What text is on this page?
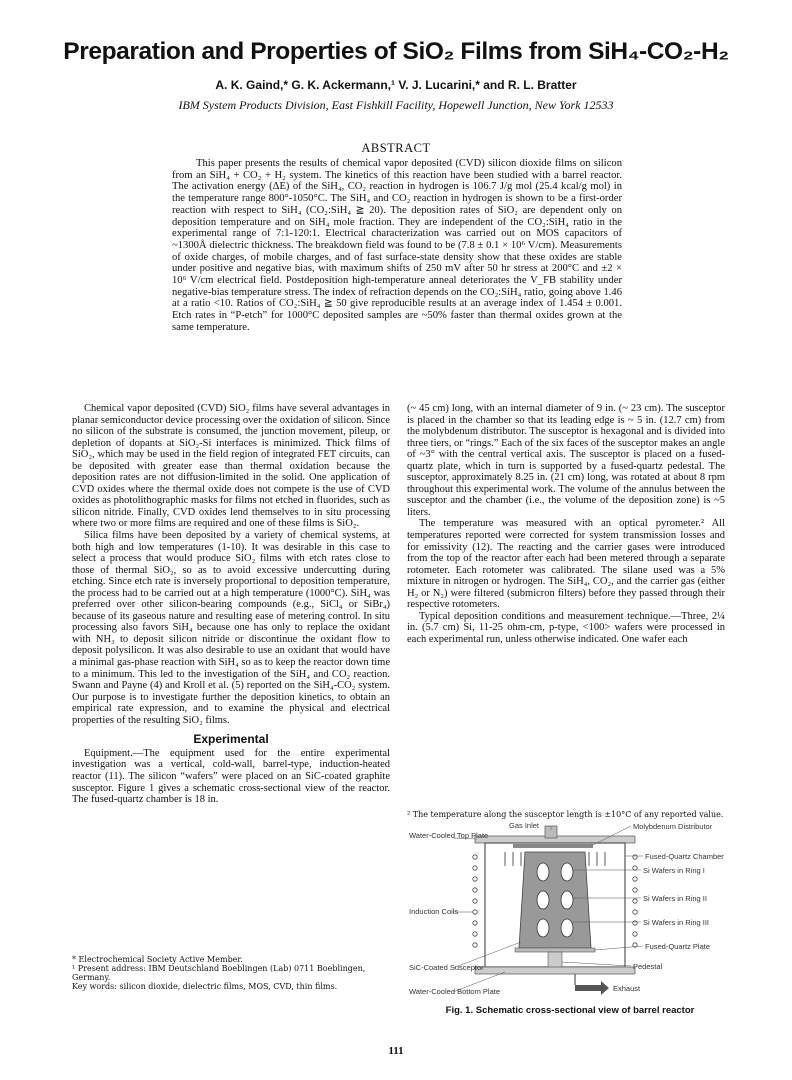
Preparation and Properties of SiO₂ Films from SiH₄-CO₂-H₂
A. K. Gaind,* G. K. Ackermann,¹ V. J. Lucarini,* and R. L. Bratter
IBM System Products Division, East Fishkill Facility, Hopewell Junction, New York 12533
ABSTRACT

This paper presents the results of chemical vapor deposited (CVD) silicon dioxide films on silicon from an SiH₄ + CO₂ + H₂ system. The kinetics of this reaction have been studied with a barrel reactor. The activation energy (ΔE) of the SiH₄, CO₂ reaction in hydrogen is 106.7 J/g mol (25.4 kcal/g mol) in the temperature range 800°-1050°C. The SiH₄ and CO₂ reaction in hydrogen is shown to be a first-order reaction with respect to SiH₄ (CO₂:SiH₄ ≧ 20). The deposition rates of SiO₂ are dependent only on deposition temperature and on SiH₄ mole fraction. They are independent of the CO₂:SiH₄ ratio in the experimental range of 7:1-120:1. Electrical characterization was carried out on MOS capacitors of ~1300Å dielectric thickness. The breakdown field was found to be (7.8 ± 0.1 × 10⁶ V/cm). Measurements of oxide charges, of mobile charges, and of fast surface-state density show that these oxides are stable under positive and negative bias, with maximum shifts of 250 mV after 50 hr stress at 200°C and ±2 × 10⁶ V/cm electrical field. Postdeposition high-temperature anneal deteriorates the V_FB stability under negative-bias temperature stress. The index of refraction depends on the CO₂:SiH₄ ratio, going above 1.46 at a ratio <10. Ratios of CO₂:SiH₄ ≧ 50 give reproducible results at an average index of 1.454 ± 0.001. Etch rates in “P-etch” for 1000°C deposited samples are ~50% faster than thermal oxides grown at the same temperature.

Chemical vapor deposited (CVD) SiO₂ films have several advantages in planar semiconductor device processing over the oxidation of silicon. Since no silicon of the substrate is consumed, the junction movement, pileup, or depletion of dopants at SiO₂-Si interfaces is minimized. Thick films of SiO₂, which may be used in the field region of integrated FET circuits, can be deposited with greater ease than thermal oxidation because the deposition rates are not diffusion-limited in the solid. One application of CVD oxides where the thermal oxide does not compete is the use of CVD oxides as photolithographic masks for films not etched in fluorides, such as silicon nitride. Finally, CVD oxides lend themselves to in situ processing where two or more films are required and one of these films is SiO₂.

Silica films have been deposited by a variety of chemical systems, at both high and low temperatures (1-10). It was desirable in this case to select a process that would produce SiO₂ films with etch rates close to those of thermal SiO₂, so as to avoid excessive undercutting during etching. Since etch rate is inversely proportional to deposition temperature, the process had to be carried out at a high temperature (1000°C). SiH₄ was preferred over other silicon-bearing compounds (e.g., SiCl₄ or SiBr₄) because of its gaseous nature and resulting ease of metering control. In situ processing also favors SiH₄ because one has only to replace the oxidant with NH₃ to deposit silicon nitride or discontinue the oxidant flow to deposit polysilicon. It was also desirable to use an oxidant that would have a minimal gas-phase reaction with SiH₄ so as to keep the reactor down time to a minimum. This led to the investigation of the SiH₄ and CO₂ reaction. Swann and Payne (4) and Kroll et al. (5) reported on the SiH₄-CO₂ system. Our purpose is to investigate further the deposition kinetics, to obtain an empirical rate expression, and to examine the physical and electrical properties of the resulting SiO₂ films.

Experimental

Equipment.—The equipment used for the entire experimental investigation was a vertical, cold-wall, barrel-type, induction-heated reactor (11). The silicon “wafers” were placed on an SiC-coated graphite susceptor. Figure 1 gives a schematic cross-sectional view of the reactor. The fused-quartz chamber is 18 in.

* Electrochemical Society Active Member.

¹ Present address: IBM Deutschland Boeblingen (Lab) 0711 Boeblingen, Germany.

Key words: silicon dioxide, dielectric films, MOS, CVD, thin films.

(~ 45 cm) long, with an internal diameter of 9 in. (~ 23 cm). The susceptor is placed in the chamber so that its leading edge is ~ 5 in. (12.7 cm) from the molybdenum distributor. The susceptor is hexagonal and is divided into three tiers, or “rings.” Each of the six faces of the susceptor makes an angle of ~3° with the central vertical axis. The susceptor is placed on a fused-quartz plate, which in turn is supported by a fused-quartz pedestal. The susceptor, approximately 8.25 in. (21 cm) long, was rotated at about 8 rpm throughout this experimental work. The volume of the annulus between the susceptor and the chamber (i.e., the volume of the deposition zone) is ~5 liters.

The temperature was measured with an optical pyrometer.² All temperatures reported were corrected for system transmission losses and for emissivity (12). The reacting and the carrier gases were introduced from the top of the reactor after each had been metered through a separate rotometer. Each rotometer was calibrated. The silane used was a 5% mixture in nitrogen or hydrogen. The SiH₄, CO₂, and the carrier gas (either H₂ or N₂) were filtered (submicron filters) before they passed through their respective rotometers.

Typical deposition conditions and measurement technique.—Three, 2¼ in. (5.7 cm) Si, 11-25 ohm-cm, p-type, <100> wafers were processed in each experimental run, unless otherwise indicated. One wafer each

² The temperature along the susceptor length is ±10°C of any reported value.

Gas Inlet	Molybdenum Distributor
Water-Cooled Top Plate
Fused-Quartz Chamber
Si Wafers in Ring I
Induction Coils
Si Wafers in Ring II
Si Wafers in Ring III
Fused-Quartz Plate
SiC-Coated Susceptor	Pedestal
Water-Cooled Bottom Plate	Exhaust
Fig. 1. Schematic cross-sectional view of barrel reactor
111
